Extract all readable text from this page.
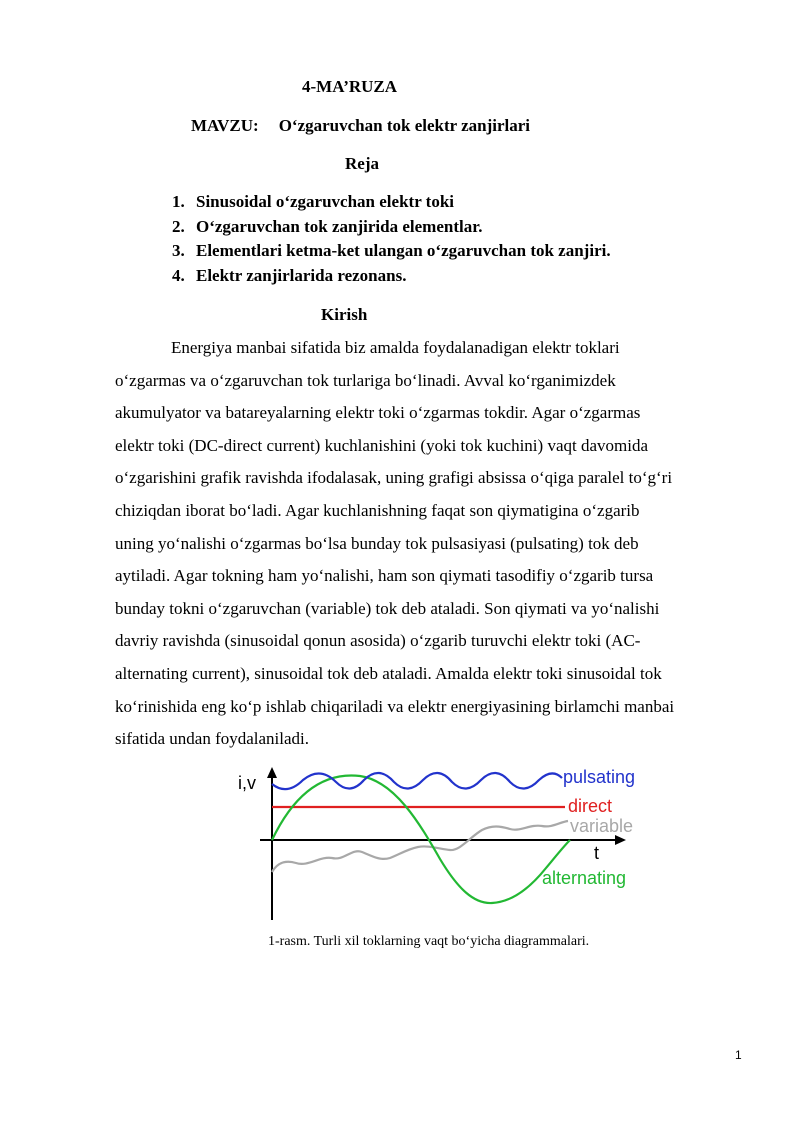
4-MA’RUZA
MAVZU: O‘zgaruvchan tok elektr zanjirlari
Reja
1. Sinusoidal o‘zgaruvchan elektr toki
2. O‘zgaruvchan tok zanjirida elementlar.
3. Elementlari ketma-ket ulangan o‘zgaruvchan tok zanjiri.
4. Elektr zanjirlarida rezonans.
Kirish
Energiya manbai sifatida biz amalda foydalanadigan elektr toklari
o‘zgarmas va o‘zgaruvchan tok turlariga bo‘linadi. Avval ko‘rganimizdek
akumulyator va batareyalarning elektr toki o‘zgarmas tokdir. Agar o‘zgarmas
elektr toki (DC-direct current) kuchlanishini (yoki tok kuchini) vaqt davomida
o‘zgarishini grafik ravishda ifodalasak, uning grafigi absissa o‘qiga paralel to‘g‘ri
chiziqdan iborat bo‘ladi. Agar kuchlanishning faqat son qiymatigina o‘zgarib
uning yo‘nalishi o‘zgarmas bo‘lsa bunday tok pulsasiyasi (pulsating) tok deb
aytiladi. Agar tokning ham yo‘nalishi, ham son qiymati tasodifiy o‘zgarib tursa
bunday tokni o‘zgaruvchan (variable) tok deb ataladi. Son qiymati va yo‘nalishi
davriy ravishda (sinusoidal qonun asosida) o‘zgarib turuvchi elektr toki (AC-
alternating current), sinusoidal tok deb ataladi. Amalda elektr toki sinusoidal tok
ko‘rinishida eng ko‘p ishlab chiqariladi va elektr energiyasining birlamchi manbai
sifatida undan foydalaniladi.
i,v
t
pulsating
direct
variable
alternating
1-rasm. Turli xil toklarning vaqt bo‘yicha diagrammalari.
1
